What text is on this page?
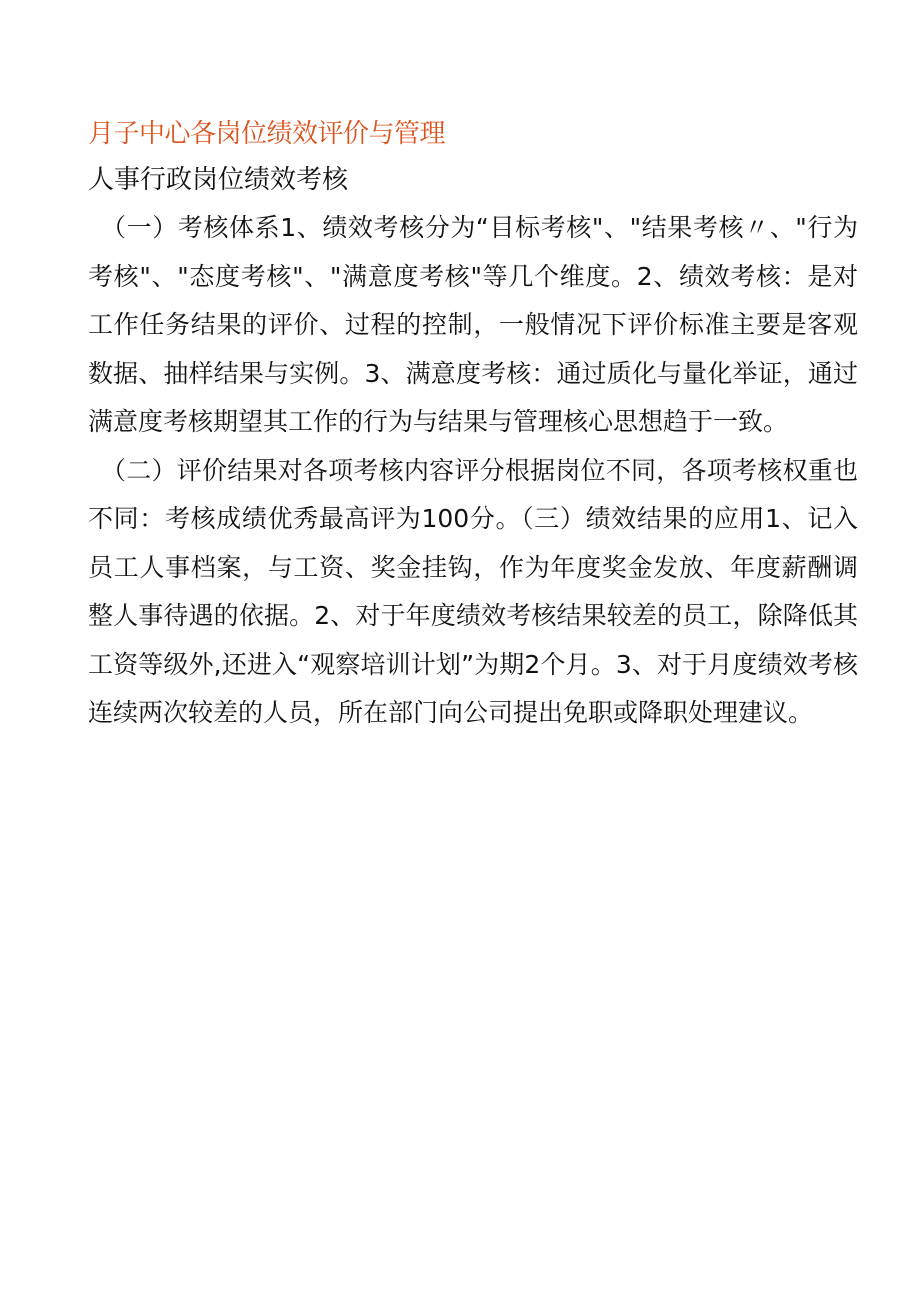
月子中心各岗位绩效评价与管理
人事行政岗位绩效考核

（一）考核体系1、绩效考核分为“目标考核"、"结果考核〃、"行为考核"、"态度考核"、"满意度考核"等几个维度。2、绩效考核：是对工作任务结果的评价、过程的控制，一般情况下评价标准主要是客观数据、抽样结果与实例。3、满意度考核：通过质化与量化举证，通过满意度考核期望其工作的行为与结果与管理核心思想趋于一致。

（二）评价结果对各项考核内容评分根据岗位不同，各项考核权重也不同：考核成绩优秀最高评为100分。（三）绩效结果的应用1、记入员工人事档案，与工资、奖金挂钩，作为年度奖金发放、年度薪酬调整人事待遇的依据。2、对于年度绩效考核结果较差的员工，除降低其工资等级外,还进入“观察培训计划”为期2个月。3、对于月度绩效考核连续两次较差的人员，所在部门向公司提出免职或降职处理建议。
